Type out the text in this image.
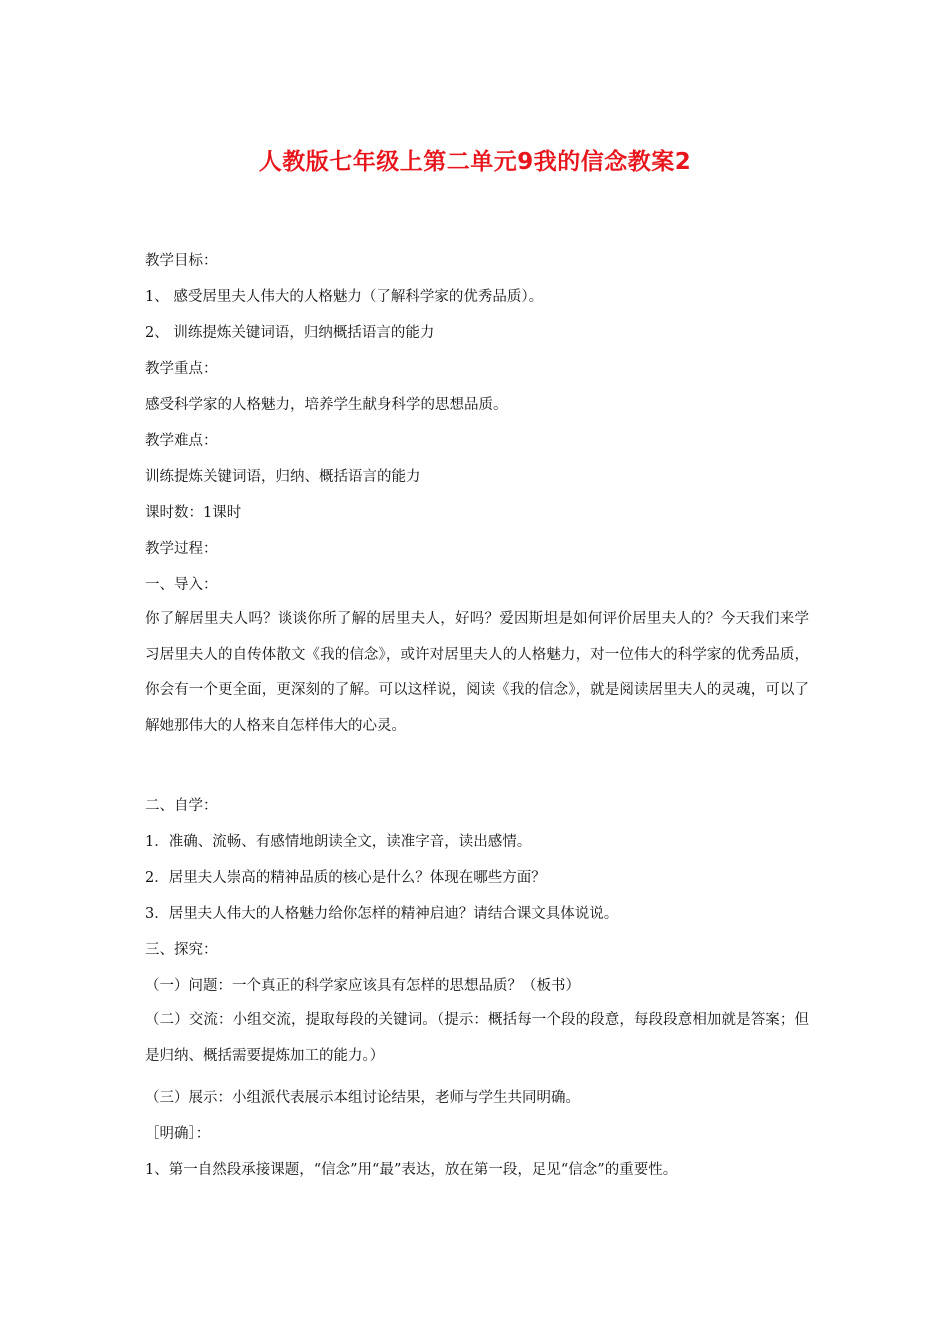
人教版七年级上第二单元9我的信念教案2

教学目标：

1、 感受居里夫人伟大的人格魅力（了解科学家的优秀品质）。

2、 训练提炼关键词语，归纳概括语言的能力

教学重点：

感受科学家的人格魅力，培养学生献身科学的思想品质。

教学难点：

训练提炼关键词语，归纳、概括语言的能力

课时数：1课时

教学过程：

一、导入：

你了解居里夫人吗？谈谈你所了解的居里夫人，好吗？爱因斯坦是如何评价居里夫人的？今天我们来学习居里夫人的自传体散文《我的信念》，或许对居里夫人的人格魅力，对一位伟大的科学家的优秀品质，你会有一个更全面，更深刻的了解。可以这样说，阅读《我的信念》，就是阅读居里夫人的灵魂，可以了解她那伟大的人格来自怎样伟大的心灵。

二、自学：

1．准确、流畅、有感情地朗读全文，读准字音，读出感情。

2．居里夫人崇高的精神品质的核心是什么？体现在哪些方面？

3．居里夫人伟大的人格魅力给你怎样的精神启迪？请结合课文具体说说。

三、探究：

（一）问题：一个真正的科学家应该具有怎样的思想品质？（板书）

（二）交流：小组交流，提取每段的关键词。（提示：概括每一个段的段意，每段段意相加就是答案；但是归纳、概括需要提炼加工的能力。）

（三）展示：小组派代表展示本组讨论结果，老师与学生共同明确。

［明确］：

1、第一自然段承接课题，“信念”用“最”表达，放在第一段，足见“信念”的重要性。
